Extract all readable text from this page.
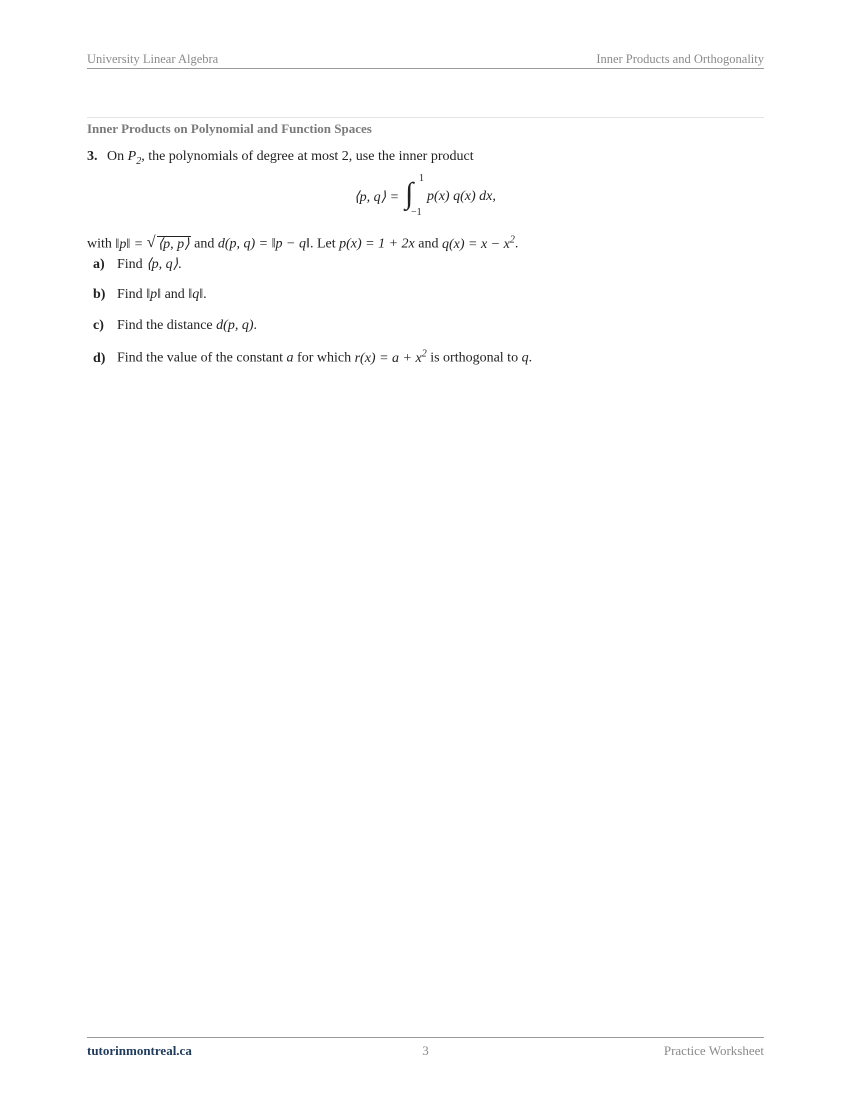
University Linear Algebra	Inner Products and Orthogonality
Inner Products on Polynomial and Function Spaces
3. On $P_2$, the polynomials of degree at most 2, use the inner product
⟨p, q⟩ = ∫ 1
−1
p(x) q(x) dx,
with ‖p‖ = √ ⟨p, p⟩ and d(p, q) = ‖p − q‖. Let p(x) = 1 + 2x and $q(x) = x - x^2$.
a) Find ⟨p, q⟩.
b) Find ‖p‖ and ‖q‖.
c) Find the distance d(p, q).
d) Find the value of the constant a for which $r(x) = a + x^2$ is orthogonal to q.
tutorinmontreal.ca	3	Practice Worksheet
